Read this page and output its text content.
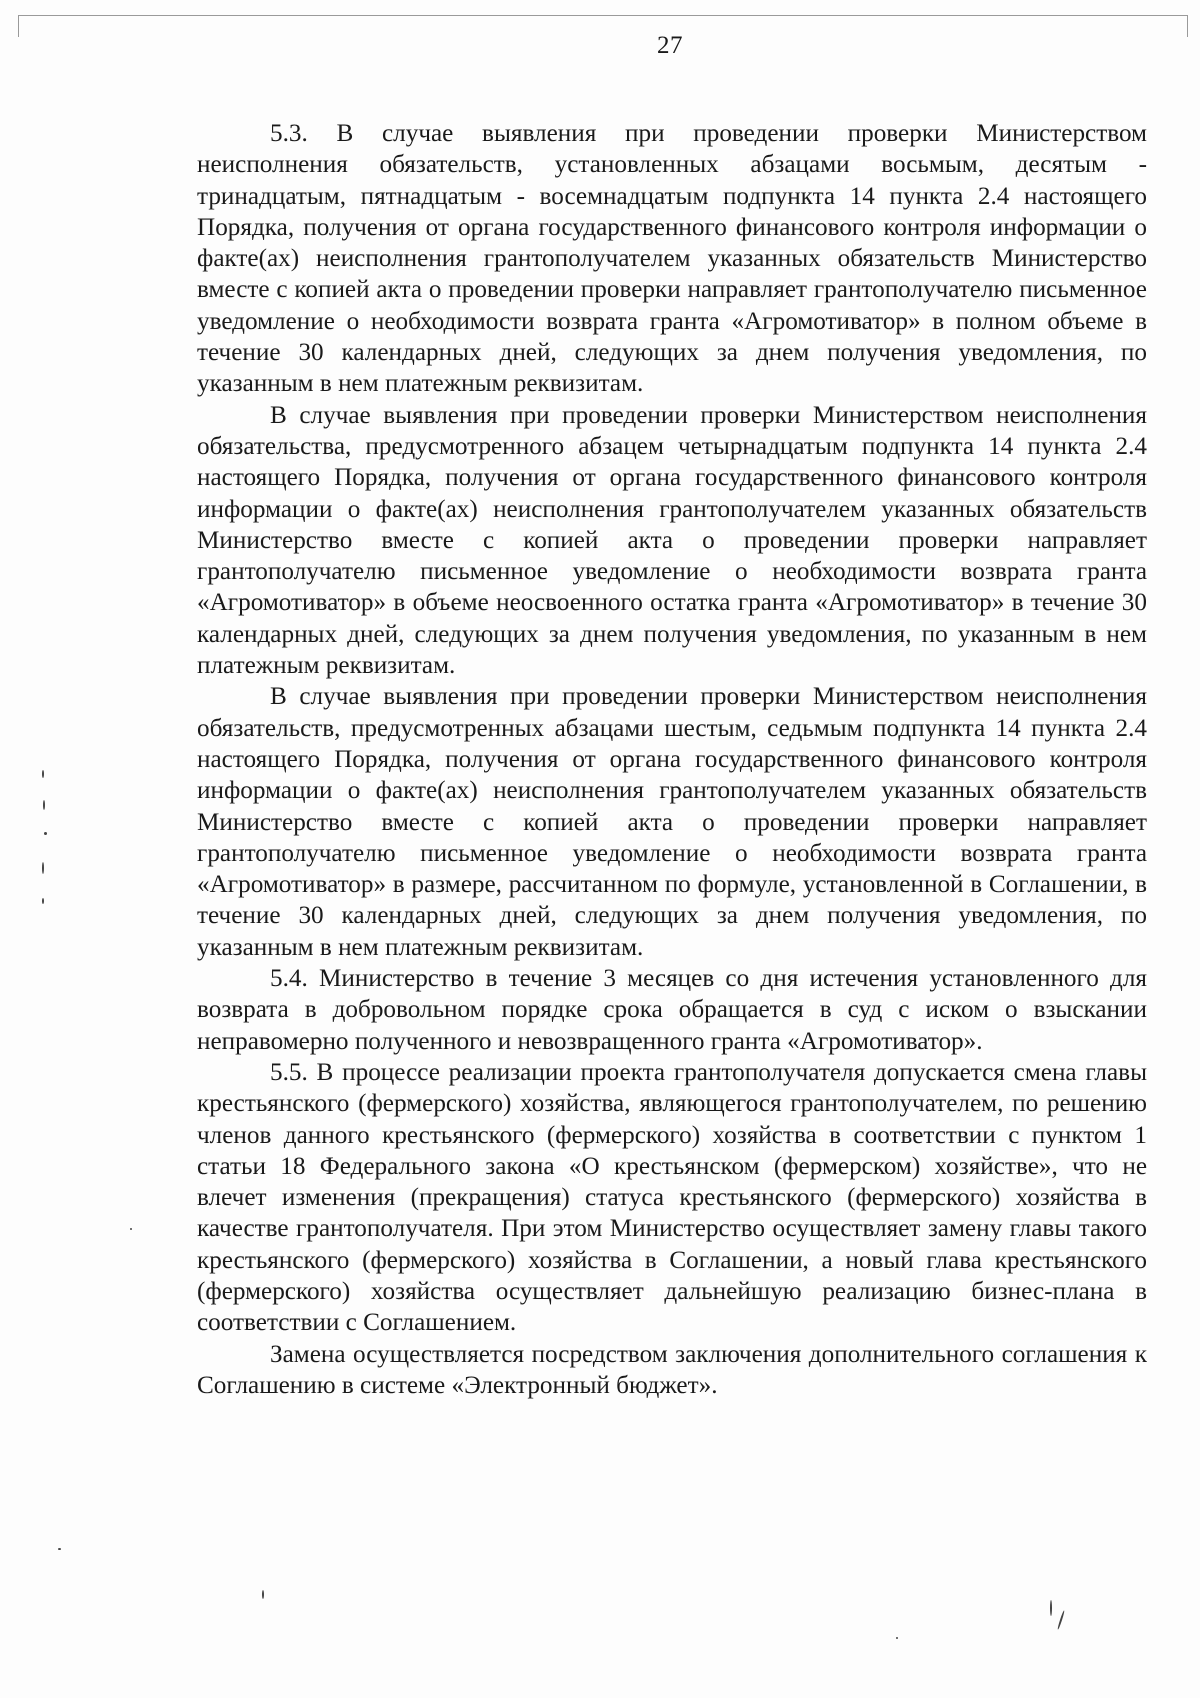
27

5.3. В случае выявления при проведении проверки Министерством неисполнения обязательств, установленных абзацами восьмым, десятым - тринадцатым, пятнадцатым - восемнадцатым подпункта 14 пункта 2.4 настоящего Порядка, получения от органа государственного финансового контроля информации о факте(ах) неисполнения грантополучателем указанных обязательств Министерство вместе с копией акта о проведении проверки направляет грантополучателю письменное уведомление о необходимости возврата гранта «Агромотиватор» в полном объеме в течение 30 календарных дней, следующих за днем получения уведомления, по указанным в нем платежным реквизитам.

В случае выявления при проведении проверки Министерством неисполнения обязательства, предусмотренного абзацем четырнадцатым подпункта 14 пункта 2.4 настоящего Порядка, получения от органа государственного финансового контроля информации о факте(ах) неисполнения грантополучателем указанных обязательств Министерство вместе с копией акта о проведении проверки направляет грантополучателю письменное уведомление о необходимости возврата гранта «Агромотиватор» в объеме неосвоенного остатка гранта «Агромотиватор» в течение 30 календарных дней, следующих за днем получения уведомления, по указанным в нем платежным реквизитам.

В случае выявления при проведении проверки Министерством неисполнения обязательств, предусмотренных абзацами шестым, седьмым подпункта 14 пункта 2.4 настоящего Порядка, получения от органа государственного финансового контроля информации о факте(ах) неисполнения грантополучателем указанных обязательств Министерство вместе с копией акта о проведении проверки направляет грантополучателю письменное уведомление о необходимости возврата гранта «Агромотиватор» в размере, рассчитанном по формуле, установленной в Соглашении, в течение 30 календарных дней, следующих за днем получения уведомления, по указанным в нем платежным реквизитам.

5.4. Министерство в течение 3 месяцев со дня истечения установленного для возврата в добровольном порядке срока обращается в суд с иском о взыскании неправомерно полученного и невозвращенного гранта «Агромотиватор».

5.5. В процессе реализации проекта грантополучателя допускается смена главы крестьянского (фермерского) хозяйства, являющегося грантополучателем, по решению членов данного крестьянского (фермерского) хозяйства в соответствии с пунктом 1 статьи 18 Федерального закона «О крестьянском (фермерском) хозяйстве», что не влечет изменения (прекращения) статуса крестьянского (фермерского) хозяйства в качестве грантополучателя. При этом Министерство осуществляет замену главы такого крестьянского (фермерского) хозяйства в Соглашении, а новый глава крестьянского (фермерского) хозяйства осуществляет дальнейшую реализацию бизнес-плана в соответствии с Соглашением.

Замена осуществляется посредством заключения дополнительного соглашения к Соглашению в системе «Электронный бюджет».
